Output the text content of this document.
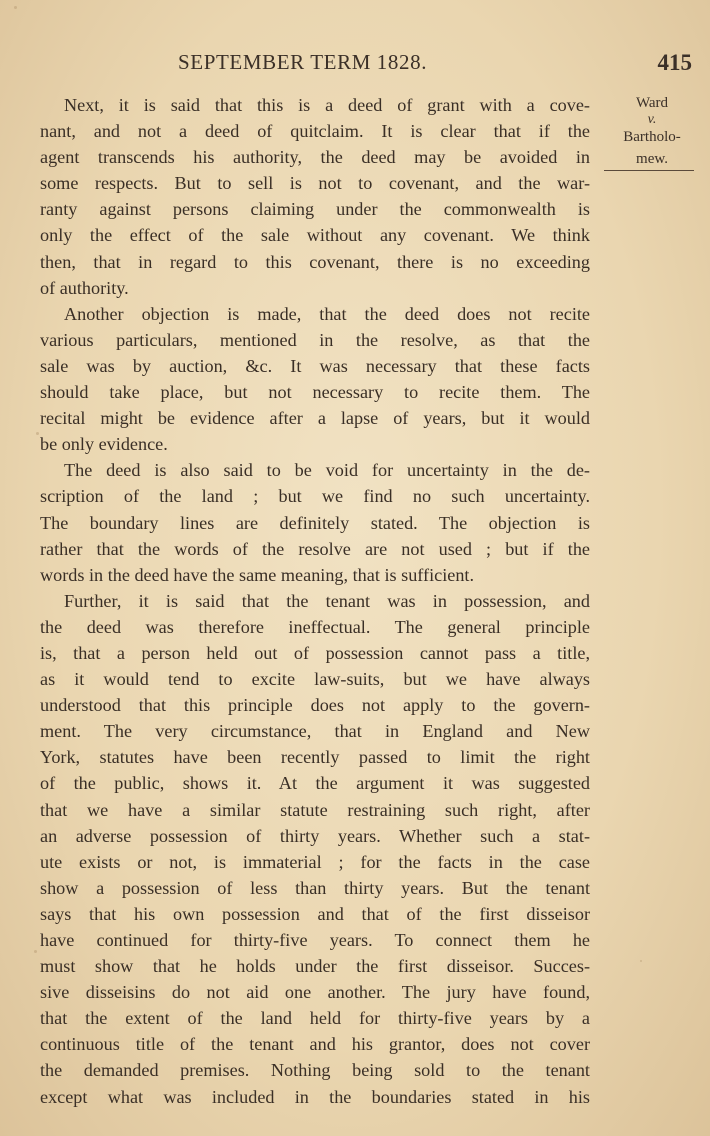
SEPTEMBER TERM 1828.	415
Ward
v.
Bartholo-
mew.
Next, it is said that this is a deed of grant with a cove-
nant, and not a deed of quitclaim. It is clear that if the
agent transcends his authority, the deed may be avoided in
some respects. But to sell is not to covenant, and the war-
ranty against persons claiming under the commonwealth is
only the effect of the sale without any covenant. We think
then, that in regard to this covenant, there is no exceeding
of authority.
Another objection is made, that the deed does not recite
various particulars, mentioned in the resolve, as that the
sale was by auction, &c. It was necessary that these facts
should take place, but not necessary to recite them. The
recital might be evidence after a lapse of years, but it would
be only evidence.
The deed is also said to be void for uncertainty in the de-
scription of the land ; but we find no such uncertainty.
The boundary lines are definitely stated. The objection is
rather that the words of the resolve are not used ; but if the
words in the deed have the same meaning, that is sufficient.
Further, it is said that the tenant was in possession, and
the deed was therefore ineffectual. The general principle
is, that a person held out of possession cannot pass a title,
as it would tend to excite law-suits, but we have always
understood that this principle does not apply to the govern-
ment. The very circumstance, that in England and New
York, statutes have been recently passed to limit the right
of the public, shows it. At the argument it was suggested
that we have a similar statute restraining such right, after
an adverse possession of thirty years. Whether such a stat-
ute exists or not, is immaterial ; for the facts in the case
show a possession of less than thirty years. But the tenant
says that his own possession and that of the first disseisor
have continued for thirty-five years. To connect them he
must show that he holds under the first disseisor. Succes-
sive disseisins do not aid one another. The jury have found,
that the extent of the land held for thirty-five years by a
continuous title of the tenant and his grantor, does not cover
the demanded premises. Nothing being sold to the tenant
except what was included in the boundaries stated in his
